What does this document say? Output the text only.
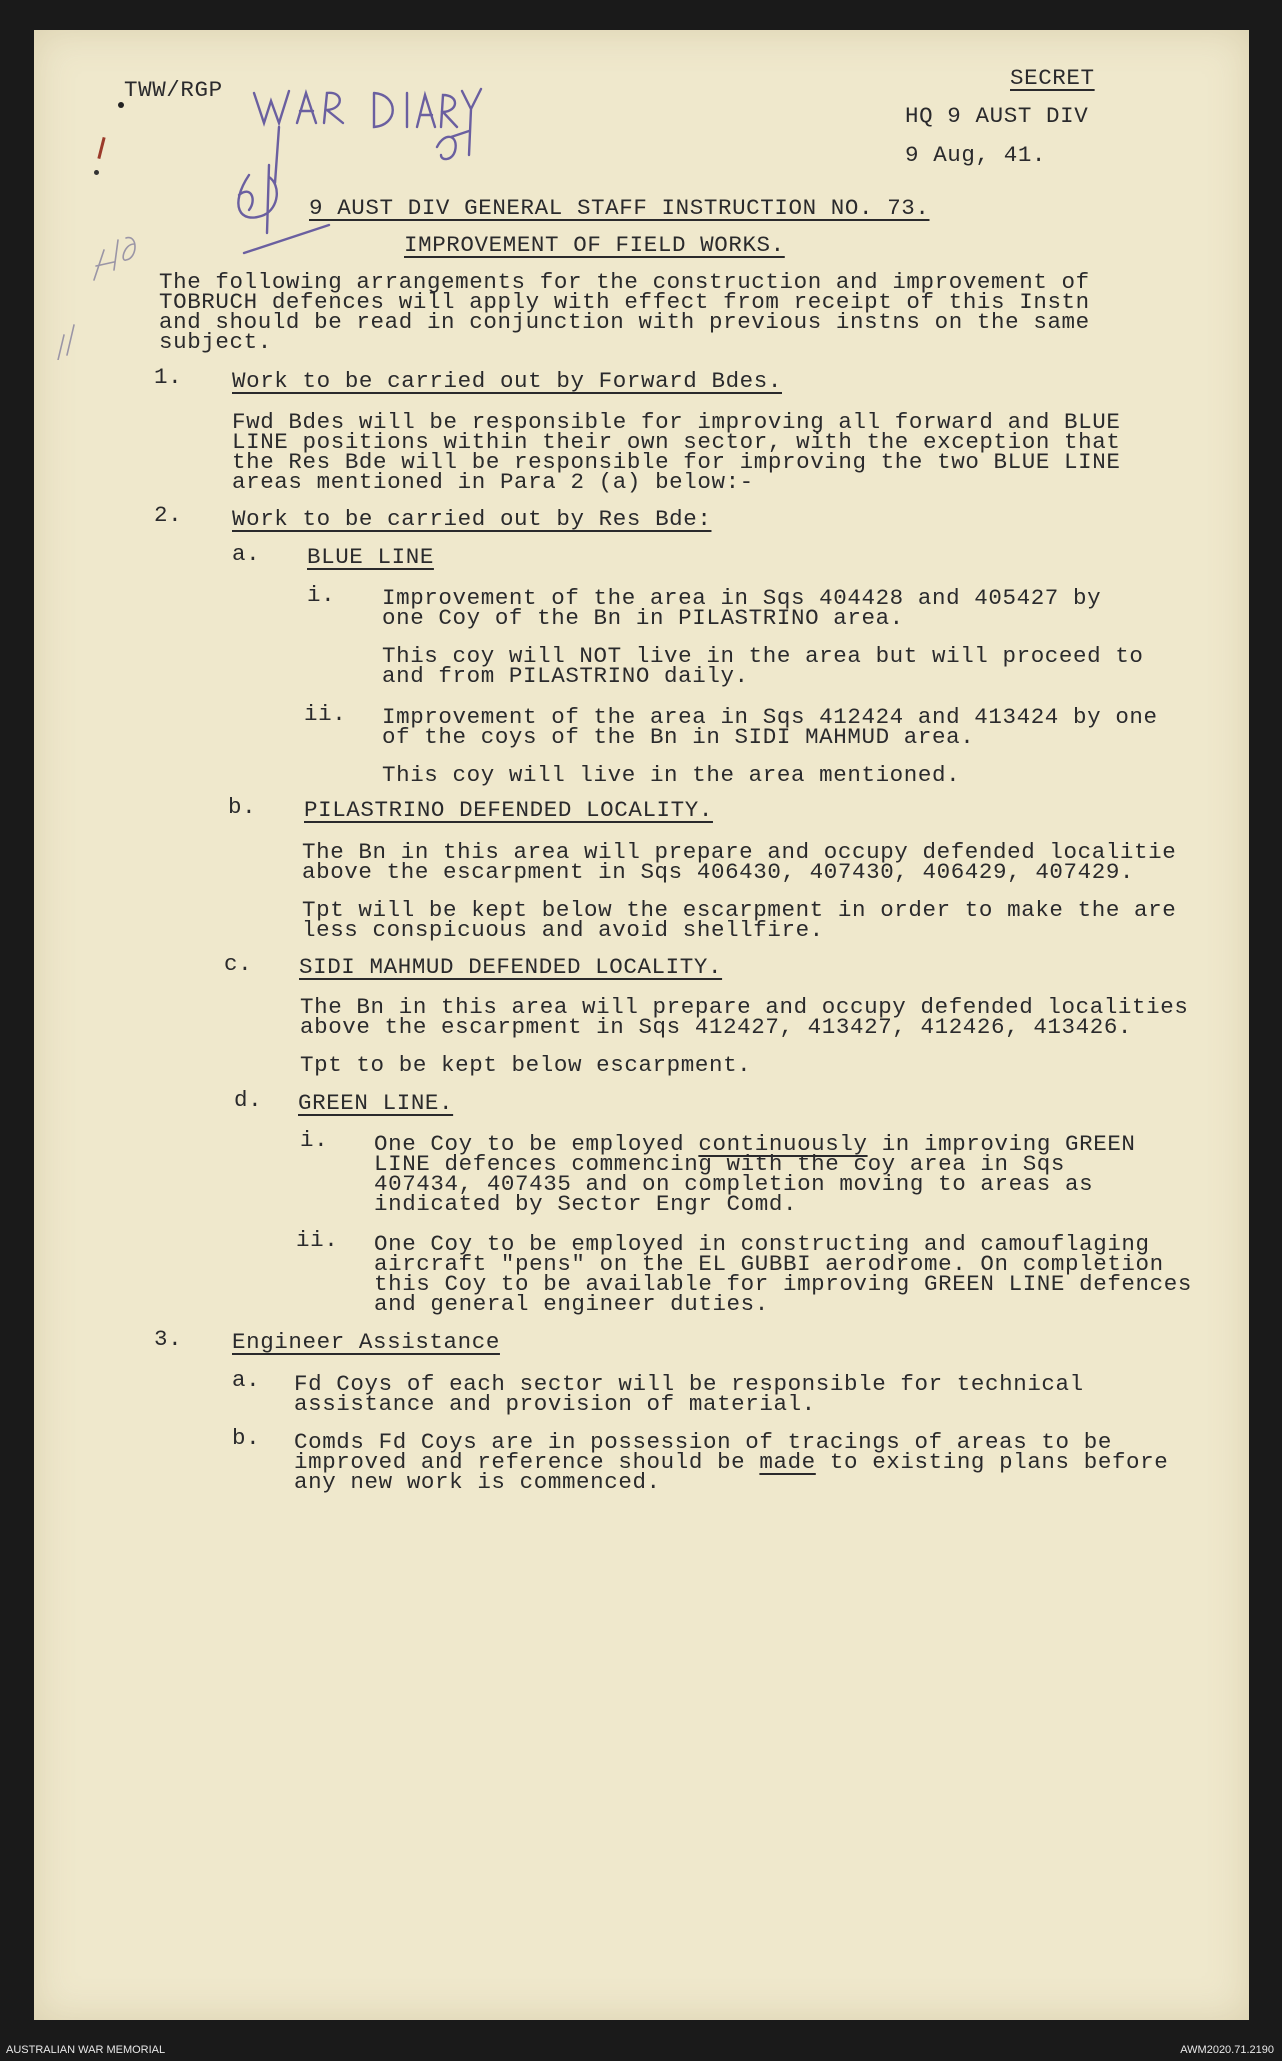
TWW/RGP	SECRET
HQ 9 AUST DIV
9 Aug, 41.
9 AUST DIV GENERAL STAFF INSTRUCTION NO. 73.
IMPROVEMENT OF FIELD WORKS.
The following arrangements for the construction and improvement of
TOBRUCH defences will apply with effect from receipt of this Instn
and should be read in conjunction with previous instns on the same
subject.
1. Work to be carried out by Forward Bdes.
Fwd Bdes will be responsible for improving all forward and BLUE
LINE positions within their own sector, with the exception that
the Res Bde will be responsible for improving the two BLUE LINE
areas mentioned in Para 2 (a) below:-
2. Work to be carried out by Res Bde:
a. BLUE LINE
i. Improvement of the area in Sqs 404428 and 405427 by
one Coy of the Bn in PILASTRINO area.
This coy will NOT live in the area but will proceed to
and from PILASTRINO daily.
ii. Improvement of the area in Sqs 412424 and 413424 by one
of the coys of the Bn in SIDI MAHMUD area.
This coy will live in the area mentioned.
b. PILASTRINO DEFENDED LOCALITY.
The Bn in this area will prepare and occupy defended localitie
above the escarpment in Sqs 406430, 407430, 406429, 407429.
Tpt will be kept below the escarpment in order to make the are
less conspicuous and avoid shellfire.
c. SIDI MAHMUD DEFENDED LOCALITY.
The Bn in this area will prepare and occupy defended localities
above the escarpment in Sqs 412427, 413427, 412426, 413426.
Tpt to be kept below escarpment.
d. GREEN LINE.
i. One Coy to be employed continuously in improving GREEN
LINE defences commencing with the coy area in Sqs
407434, 407435 and on completion moving to areas as
indicated by Sector Engr Comd.
ii. One Coy to be employed in constructing and camouflaging
aircraft "pens" on the EL GUBBI aerodrome. On completion
this Coy to be available for improving GREEN LINE defences
and general engineer duties.
3. Engineer Assistance
a. Fd Coys of each sector will be responsible for technical
assistance and provision of material.
b. Comds Fd Coys are in possession of tracings of areas to be
improved and reference should be made to existing plans before
any new work is commenced.
AUSTRALIAN WAR MEMORIAL	AWM2020.71.2190
